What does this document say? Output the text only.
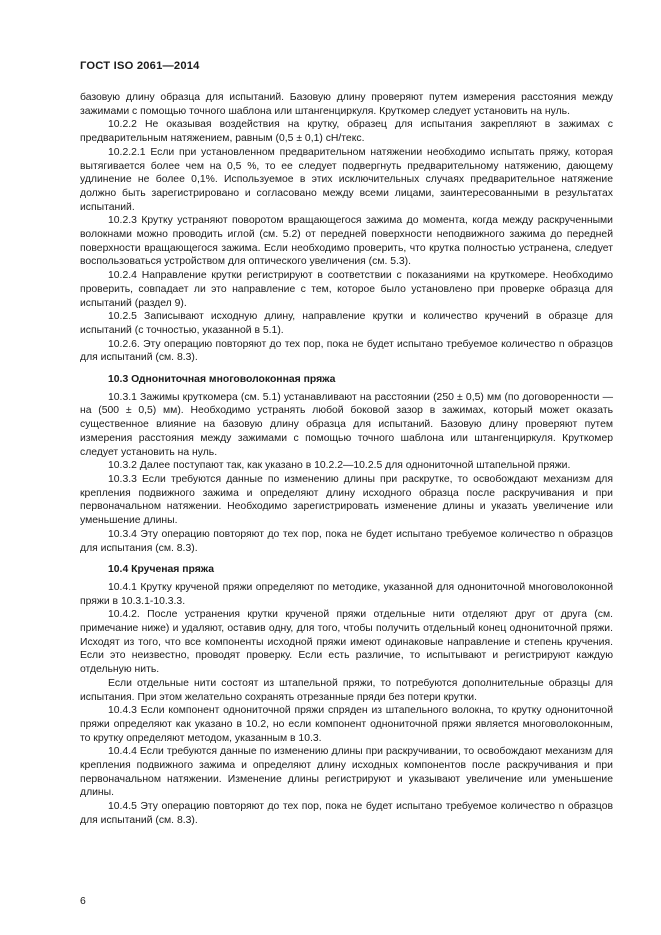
ГОСТ ISO 2061—2014

базовую длину образца для испытаний. Базовую длину проверяют путем измерения расстояния между зажимами с помощью точного шаблона или штангенциркуля. Круткомер следует установить на нуль.

10.2.2 Не оказывая воздействия на крутку, образец для испытания закрепляют в зажимах с предварительным натяжением, равным (0,5 ± 0,1) сН/текс.

10.2.2.1 Если при установленном предварительном натяжении необходимо испытать пряжу, которая вытягивается более чем на 0,5 %, то ее следует подвергнуть предварительному натяжению, дающему удлинение не более 0,1%. Используемое в этих исключительных случаях предварительное натяжение должно быть зарегистрировано и согласовано между всеми лицами, заинтересованными в результатах испытаний.

10.2.3 Крутку устраняют поворотом вращающегося зажима до момента, когда между раскрученными волокнами можно проводить иглой (см. 5.2) от передней поверхности неподвижного зажима до передней поверхности вращающегося зажима. Если необходимо проверить, что крутка полностью устранена, следует воспользоваться устройством для оптического увеличения (см. 5.3).

10.2.4 Направление крутки регистрируют в соответствии с показаниями на круткомере. Необходимо проверить, совпадает ли это направление с тем, которое было установлено при проверке образца для испытаний (раздел 9).

10.2.5 Записывают исходную длину, направление крутки и количество кручений в образце для испытаний (с точностью, указанной в 5.1).

10.2.6. Эту операцию повторяют до тех пор, пока не будет испытано требуемое количество n образцов для испытаний (см. 8.3).

10.3 Однониточная многоволоконная пряжа

10.3.1 Зажимы круткомера (см. 5.1) устанавливают на расстоянии (250 ± 0,5) мм (по договоренности — на (500 ± 0,5) мм). Необходимо устранять любой боковой зазор в зажимах, который может оказать существенное влияние на базовую длину образца для испытаний. Базовую длину проверяют путем измерения расстояния между зажимами с помощью точного шаблона или штангенциркуля. Круткомер следует установить на нуль.

10.3.2 Далее поступают так, как указано в 10.2.2—10.2.5 для однониточной штапельной пряжи.

10.3.3 Если требуются данные по изменению длины при раскрутке, то освобождают механизм для крепления подвижного зажима и определяют длину исходного образца после раскручивания и при первоначальном натяжении. Необходимо зарегистрировать изменение длины и указать увеличение или уменьшение длины.

10.3.4 Эту операцию повторяют до тех пор, пока не будет испытано требуемое количество n образцов для испытания (см. 8.3).

10.4 Крученая пряжа

10.4.1 Крутку крученой пряжи определяют по методике, указанной для однониточной многоволоконной пряжи в 10.3.1-10.3.3.

10.4.2. После устранения крутки крученой пряжи отдельные нити отделяют друг от друга (см. примечание ниже) и удаляют, оставив одну, для того, чтобы получить отдельный конец однониточной пряжи. Исходят из того, что все компоненты исходной пряжи имеют одинаковые направление и степень кручения. Если это неизвестно, проводят проверку. Если есть различие, то испытывают и регистрируют каждую отдельную нить.

Если отдельные нити состоят из штапельной пряжи, то потребуются дополнительные образцы для испытания. При этом желательно сохранять отрезанные пряди без потери крутки.

10.4.3 Если компонент однониточной пряжи спряден из штапельного волокна, то крутку однониточной пряжи определяют как указано в 10.2, но если компонент однониточной пряжи является многоволоконным, то крутку определяют методом, указанным в 10.3.

10.4.4 Если требуются данные по изменению длины при раскручивании, то освобождают механизм для крепления подвижного зажима и определяют длину исходных компонентов после раскручивания и при первоначальном натяжении. Изменение длины регистрируют и указывают увеличение или уменьшение длины.

10.4.5 Эту операцию повторяют до тех пор, пока не будет испытано требуемое количество n образцов для испытаний (см. 8.3).

6
